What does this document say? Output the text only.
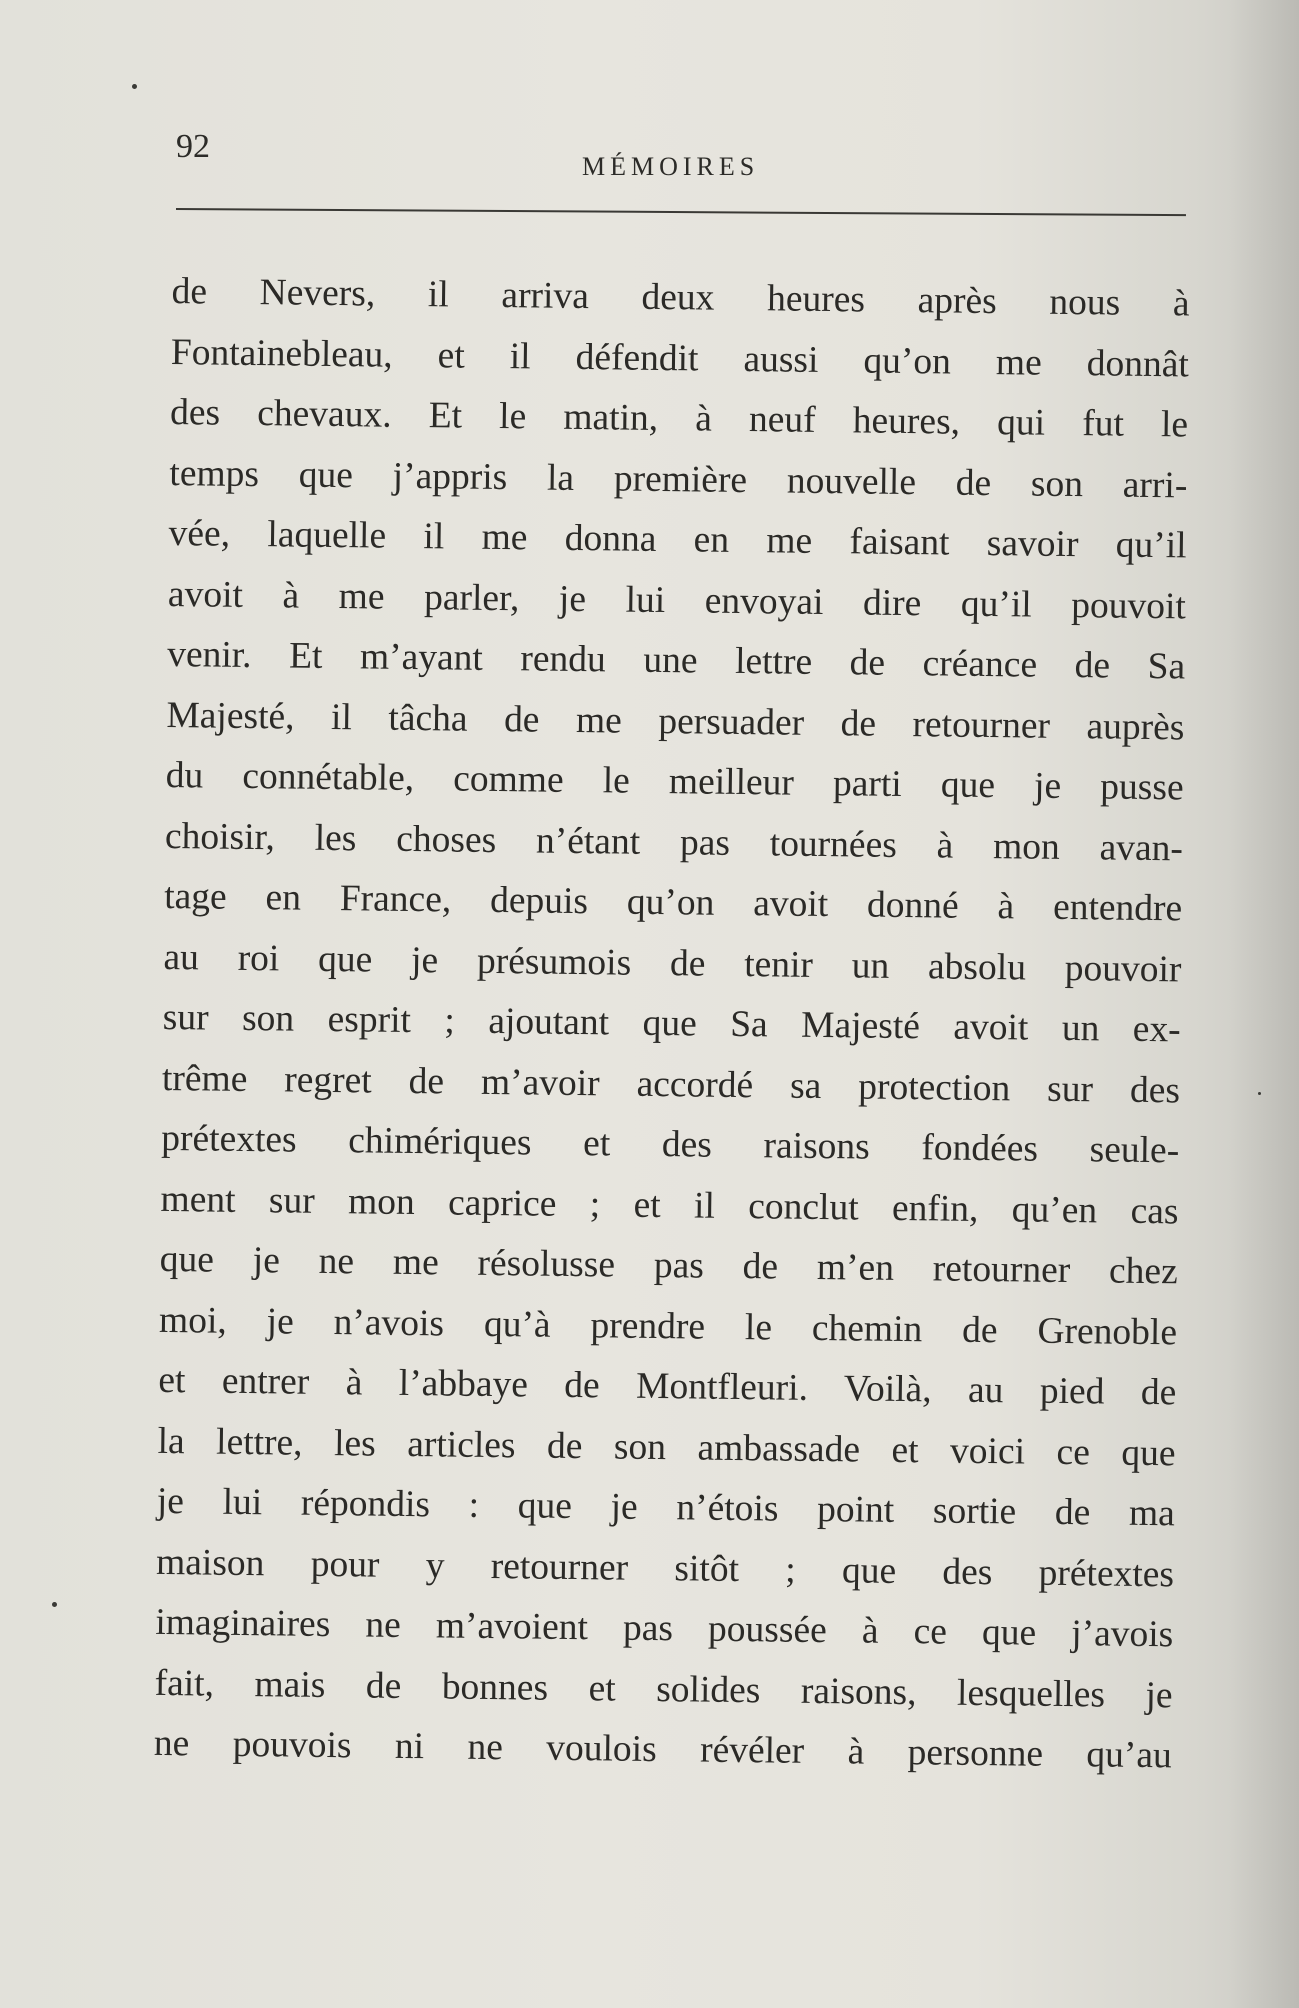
92
MÉMOIRES
de Nevers, il arriva deux heures après nous à
Fontainebleau, et il défendit aussi qu’on me donnât
des chevaux. Et le matin, à neuf heures, qui fut le
temps que j’appris la première nouvelle de son arri-
vée, laquelle il me donna en me faisant savoir qu’il
avoit à me parler, je lui envoyai dire qu’il pouvoit
venir. Et m’ayant rendu une lettre de créance de Sa
Majesté, il tâcha de me persuader de retourner auprès
du connétable, comme le meilleur parti que je pusse
choisir, les choses n’étant pas tournées à mon avan-
tage en France, depuis qu’on avoit donné à entendre
au roi que je présumois de tenir un absolu pouvoir
sur son esprit ; ajoutant que Sa Majesté avoit un ex-
trême regret de m’avoir accordé sa protection sur des
prétextes chimériques et des raisons fondées seule-
ment sur mon caprice ; et il conclut enfin, qu’en cas
que je ne me résolusse pas de m’en retourner chez
moi, je n’avois qu’à prendre le chemin de Grenoble
et entrer à l’abbaye de Montfleuri. Voilà, au pied de
la lettre, les articles de son ambassade et voici ce que
je lui répondis : que je n’étois point sortie de ma
maison pour y retourner sitôt ; que des prétextes
imaginaires ne m’avoient pas poussée à ce que j’avois
fait, mais de bonnes et solides raisons, lesquelles je
ne pouvois ni ne voulois révéler à personne qu’au
